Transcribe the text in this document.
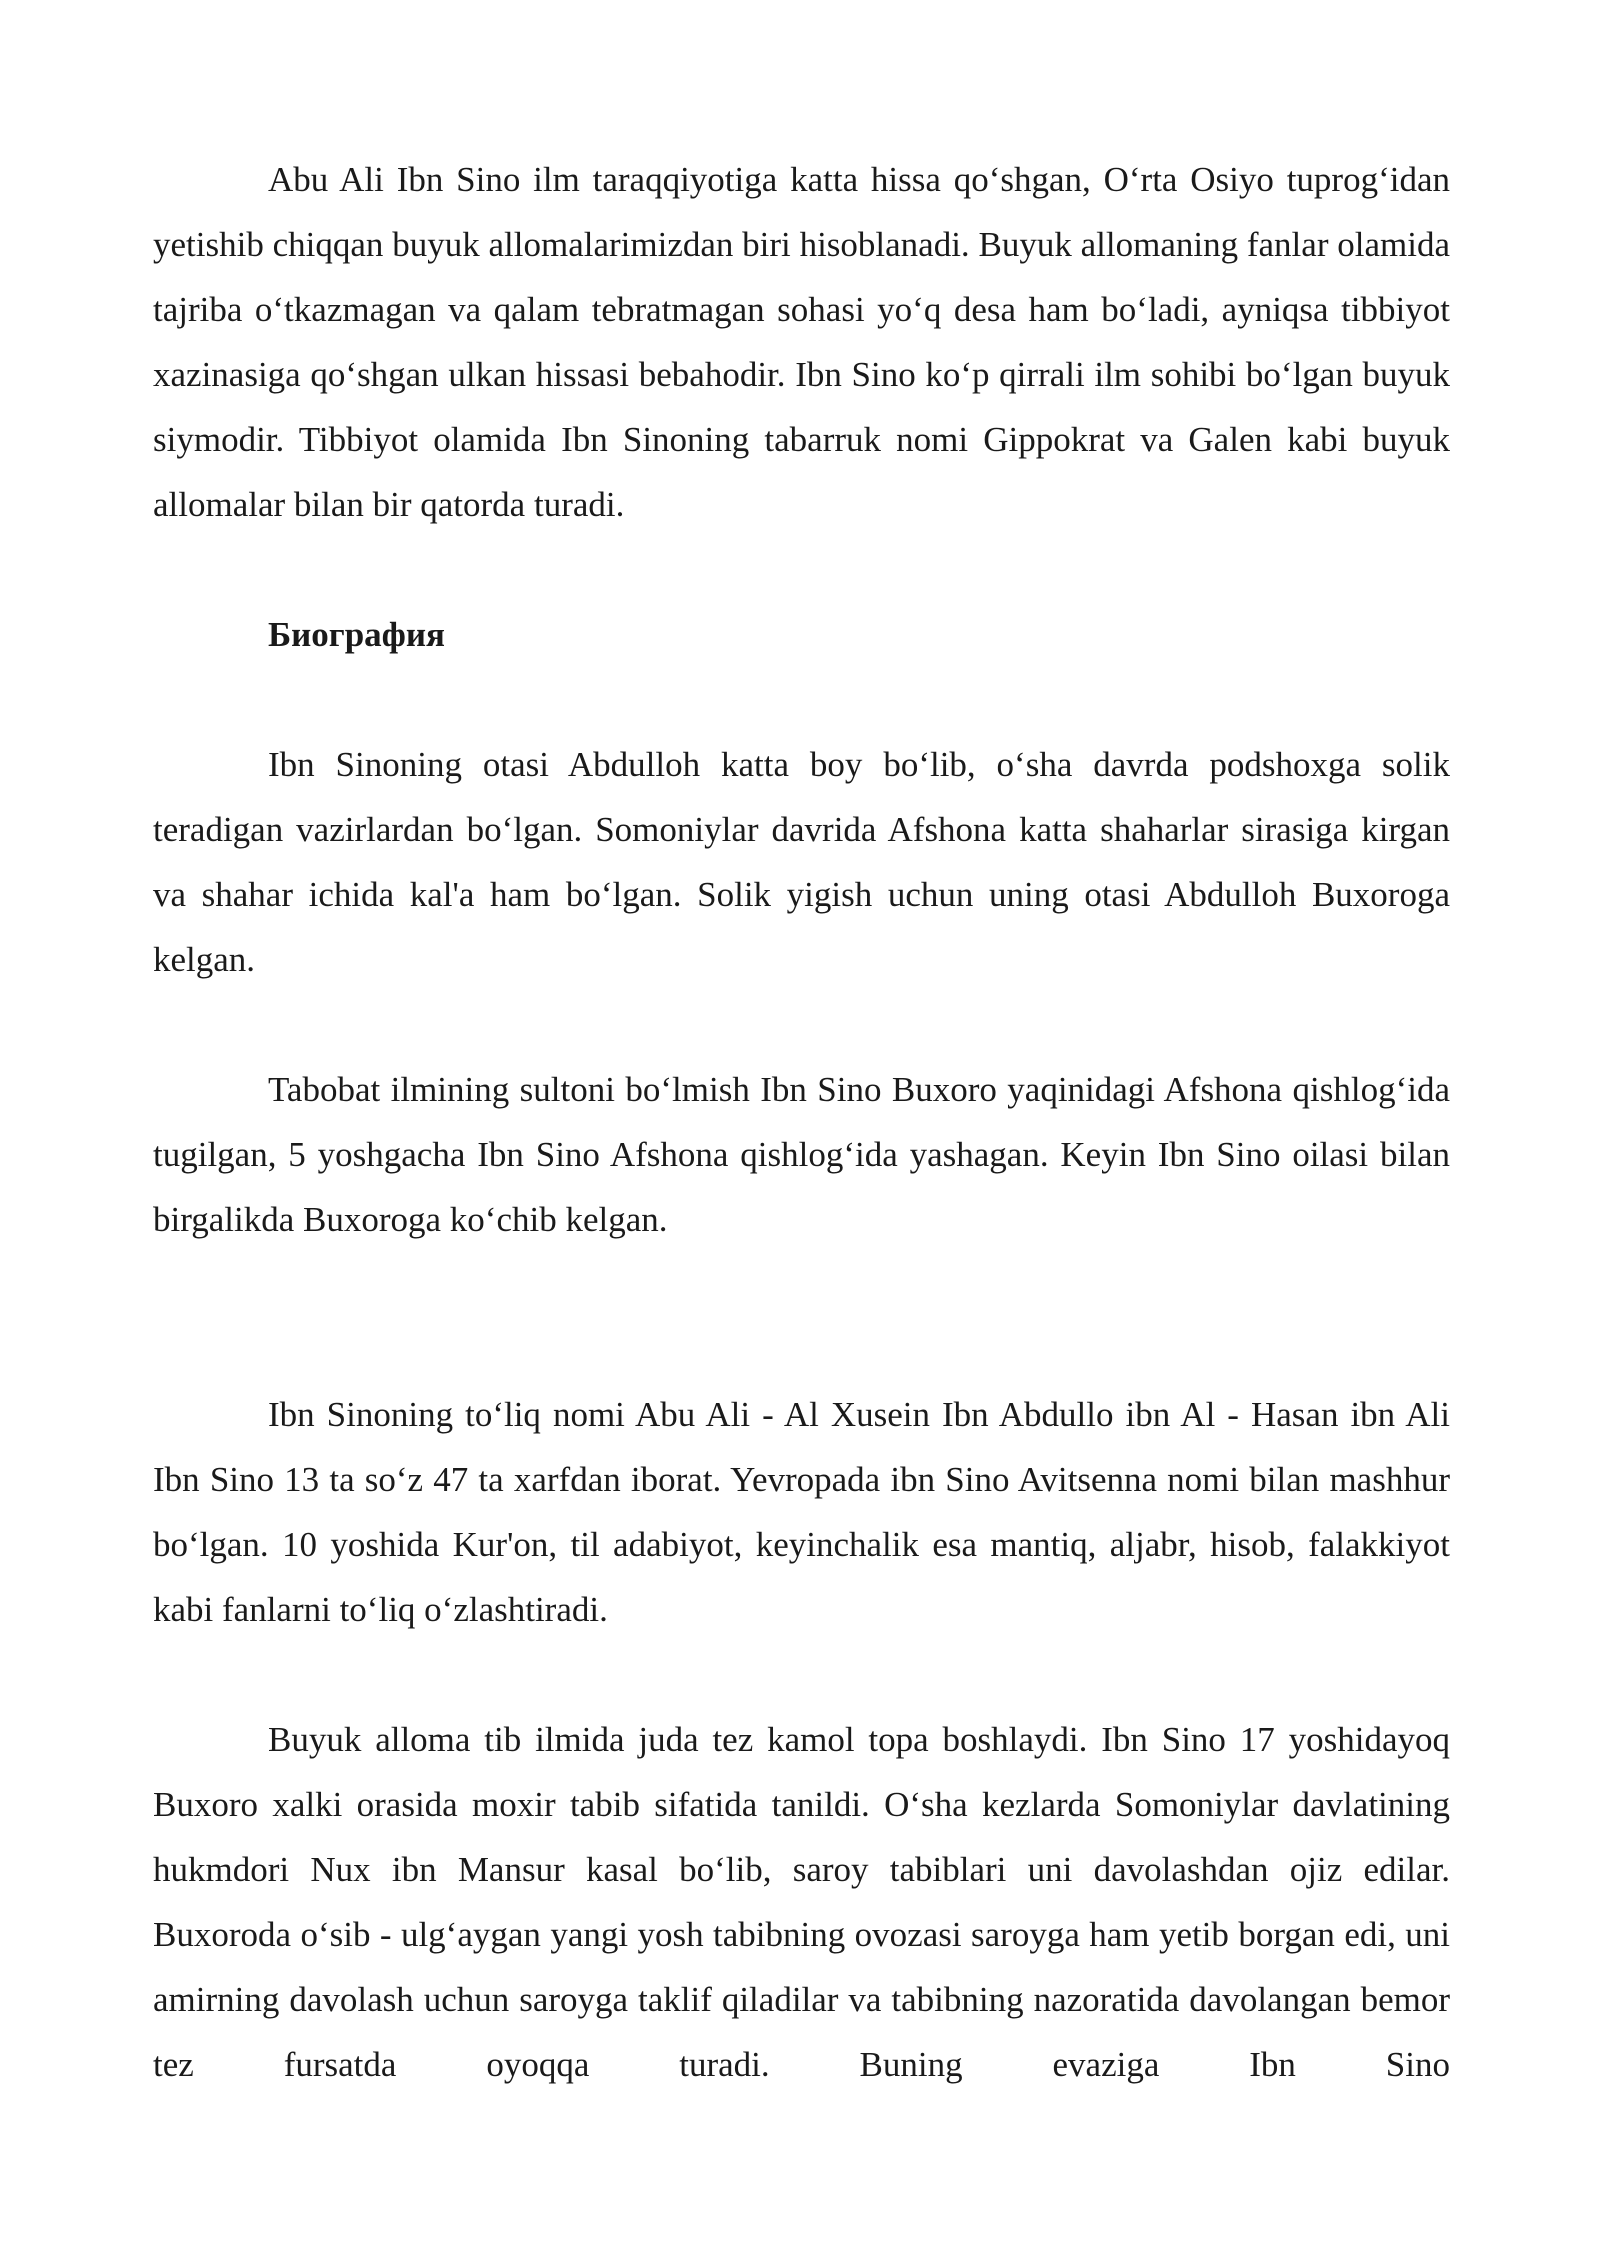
Abu Ali Ibn Sino ilm taraqqiyotiga katta hissa qo‘shgan, O‘rta Osiyo tuprog‘idan yetishib chiqqan buyuk allomalarimizdan biri hisoblanadi. Buyuk allomaning fanlar olamida tajriba o‘tkazmagan va qalam tebratmagan sohasi yo‘q desa ham bo‘ladi, ayniqsa tibbiyot xazinasiga qo‘shgan ulkan hissasi bebahodir. Ibn Sino ko‘p qirrali ilm sohibi bo‘lgan buyuk siymodir. Tibbiyot olamida Ibn Sinoning tabarruk nomi Gippokrat va Galen kabi buyuk allomalar bilan bir qatorda turadi.

Биография

Ibn Sinoning otasi Abdulloh katta boy bo‘lib, o‘sha davrda podshoxga solik teradigan vazirlardan bo‘lgan. Somoniylar davrida Afshona katta shaharlar sirasiga kirgan va shahar ichida kal'a ham bo‘lgan. Solik yigish uchun uning otasi Abdulloh Buxoroga kelgan.

Tabobat ilmining sultoni bo‘lmish Ibn Sino Buxoro yaqinidagi Afshona qishlog‘ida tugilgan, 5 yoshgacha Ibn Sino Afshona qishlog‘ida yashagan. Keyin Ibn Sino oilasi bilan birgalikda Buxoroga ko‘chib kelgan.

Ibn Sinoning to‘liq nomi Abu Ali - Al Xusein Ibn Abdullo ibn Al - Hasan ibn Ali Ibn Sino 13 ta so‘z 47 ta xarfdan iborat. Yevropada ibn Sino Avitsenna nomi bilan mashhur bo‘lgan. 10 yoshida Kur'on, til adabiyot, keyinchalik esa mantiq, aljabr, hisob, falakkiyot kabi fanlarni to‘liq o‘zlashtiradi.

Buyuk alloma tib ilmida juda tez kamol topa boshlaydi. Ibn Sino 17 yoshidayoq Buxoro xalki orasida moxir tabib sifatida tanildi. O‘sha kezlarda Somoniylar davlatining hukmdori Nux ibn Mansur kasal bo‘lib, saroy tabiblari uni davolashdan ojiz edilar. Buxoroda o‘sib - ulg‘aygan yangi yosh tabibning ovozasi saroyga ham yetib borgan edi, uni amirning davolash uchun saroyga taklif qiladilar va tabibning nazoratida davolangan bemor tez fursatda oyoqqa turadi. Buning evaziga Ibn Sino
